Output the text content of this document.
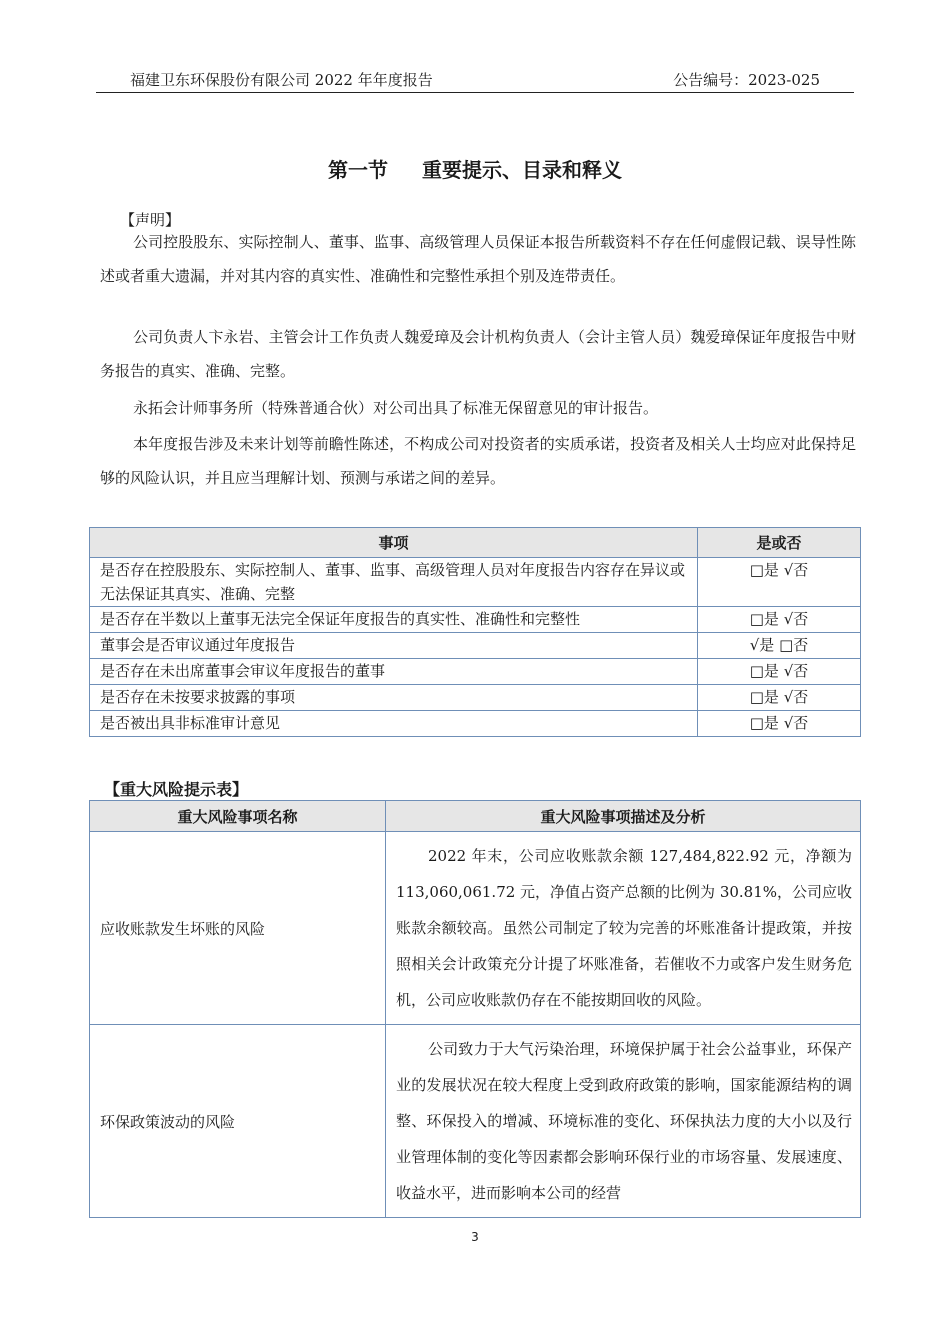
福建卫东环保股份有限公司 2022 年年度报告	公告编号：2023-025
第一节 重要提示、目录和释义
【声明】

公司控股股东、实际控制人、董事、监事、高级管理人员保证本报告所载资料不存在任何虚假记载、误导性陈述或者重大遗漏，并对其内容的真实性、准确性和完整性承担个别及连带责任。

公司负责人卞永岩、主管会计工作负责人魏爱璋及会计机构负责人（会计主管人员）魏爱璋保证年度报告中财务报告的真实、准确、完整。

永拓会计师事务所（特殊普通合伙）对公司出具了标准无保留意见的审计报告。

本年度报告涉及未来计划等前瞻性陈述，不构成公司对投资者的实质承诺，投资者及相关人士均应对此保持足够的风险认识，并且应当理解计划、预测与承诺之间的差异。

事项	是或否
是否存在控股股东、实际控制人、董事、监事、高级管理人员对年度报告内容存在异议或无法保证其真实、准确、完整	□是 √否
是否存在半数以上董事无法完全保证年度报告的真实性、准确性和完整性	□是 √否
董事会是否审议通过年度报告	√是 □否
是否存在未出席董事会审议年度报告的董事	□是 √否
是否存在未按要求披露的事项	□是 √否
是否被出具非标准审计意见	□是 √否
【重大风险提示表】
重大风险事项名称	重大风险事项描述及分析
应收账款发生坏账的风险	2022 年末，公司应收账款余额 127,484,822.92 元，净额为 113,060,061.72 元，净值占资产总额的比例为 30.81%，公司应收账款余额较高。虽然公司制定了较为完善的坏账准备计提政策，并按照相关会计政策充分计提了坏账准备，若催收不力或客户发生财务危机，公司应收账款仍存在不能按期回收的风险。
环保政策波动的风险	公司致力于大气污染治理，环境保护属于社会公益事业，环保产业的发展状况在较大程度上受到政府政策的影响，国家能源结构的调整、环保投入的增减、环境标准的变化、环保执法力度的大小以及行业管理体制的变化等因素都会影响环保行业的市场容量、发展速度、收益水平，进而影响本公司的经营
3
